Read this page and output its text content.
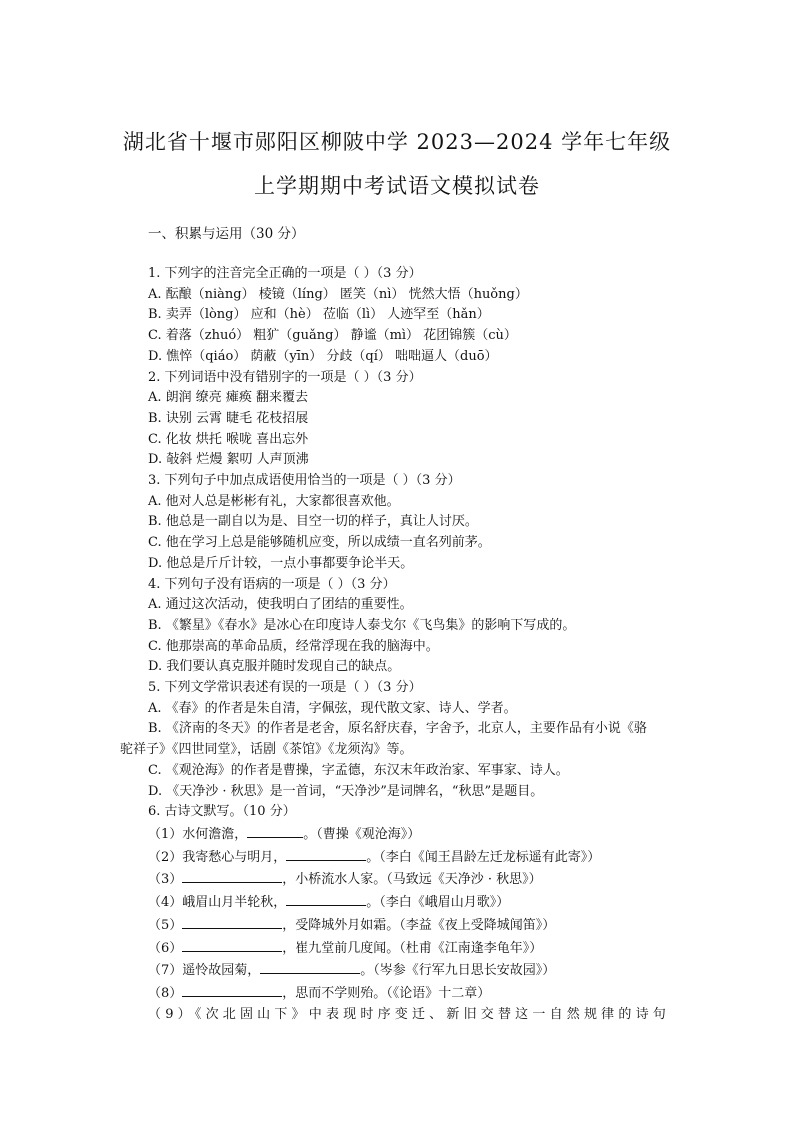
湖北省十堰市郧阳区柳陂中学 2023—2024 学年七年级
上学期期中考试语文模拟试卷
一、积累与运用（30 分）
1. 下列字的注音完全正确的一项是（ ）（3 分）
A. 酝酿（niàng） 棱镜（líng） 匿笑（nì） 恍然大悟（huǒng）
B. 卖弄（lòng） 应和（hè） 莅临（lì） 人迹罕至（hǎn）
C. 着落（zhuó） 粗犷（guǎng） 静谧（mì） 花团锦簇（cù）
D. 憔悴（qiáo） 荫蔽（yīn） 分歧（qí） 咄咄逼人（duō）
2. 下列词语中没有错别字的一项是（ ）（3 分）
A. 朗润 缭亮 瘫痪 翻来覆去
B. 诀别 云霄 睫毛 花枝招展
C. 化妆 烘托 喉咙 喜出忘外
D. 敧斜 烂熳 絮叨 人声顶沸
3. 下列句子中加点成语使用恰当的一项是（ ）（3 分）
A. 他对人总是彬彬有礼，大家都很喜欢他。
B. 他总是一副自以为是、目空一切的样子，真让人讨厌。
C. 他在学习上总是能够随机应变，所以成绩一直名列前茅。
D. 他总是斤斤计较，一点小事都要争论半天。
4. 下列句子没有语病的一项是（ ）（3 分）
A. 通过这次活动，使我明白了团结的重要性。
B. 《繁星》《春水》是冰心在印度诗人泰戈尔《飞鸟集》的影响下写成的。
C. 他那崇高的革命品质，经常浮现在我的脑海中。
D. 我们要认真克服并随时发现自己的缺点。
5. 下列文学常识表述有误的一项是（ ）（3 分）
A. 《春》的作者是朱自清，字佩弦，现代散文家、诗人、学者。
B. 《济南的冬天》的作者是老舍，原名舒庆春，字舍予，北京人，主要作品有小说《骆
驼祥子》《四世同堂》，话剧《茶馆》《龙须沟》等。
C. 《观沧海》的作者是曹操，字孟德，东汉末年政治家、军事家、诗人。
D. 《天净沙 · 秋思》是一首词，“天净沙”是词牌名，“秋思”是题目。
6. 古诗文默写。（10 分）
（1）水何澹澹，	。（曹操《观沧海》）
（2）我寄愁心与明月，	。（李白《闻王昌龄左迁龙标遥有此寄》）
（3）	，小桥流水人家。（马致远《天净沙 · 秋思》）
（4）峨眉山月半轮秋，	。（李白《峨眉山月歌》）
（5）	，受降城外月如霜。（李益《夜上受降城闻笛》）
（6）	，崔九堂前几度闻。（杜甫《江南逢李龟年》）
（7）遥怜故园菊，	。（岑参《行军九日思长安故园》）
（8）	，思而不学则殆。（《论语》十二章）
（9）《次北固山下》中表现时序变迁、新旧交替这一自然规律的诗句
